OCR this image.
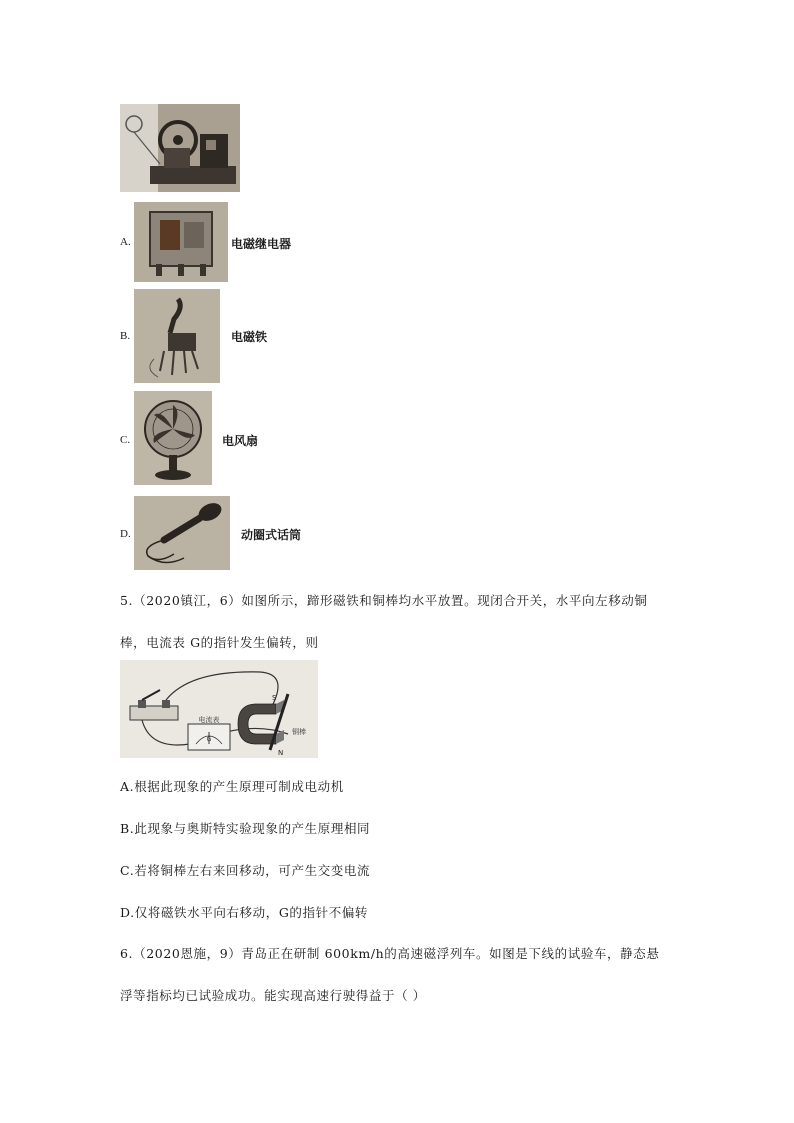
A.	电磁继电器
B.	电磁铁
C.	电风扇
D.	动圈式话筒
5.（2020镇江，6）如图所示，蹄形磁铁和铜棒均水平放置。现闭合开关，水平向左移动铜
棒，电流表 G的指针发生偏转，则
G
电流表
S
N
铜棒
A.根据此现象的产生原理可制成电动机
B.此现象与奥斯特实验现象的产生原理相同
C.若将铜棒左右来回移动，可产生交变电流
D.仅将磁铁水平向右移动，G的指针不偏转
6.（2020恩施，9）青岛正在研制 600km/h的高速磁浮列车。如图是下线的试验车，静态悬
浮等指标均已试验成功。能实现高速行驶得益于（ ）
